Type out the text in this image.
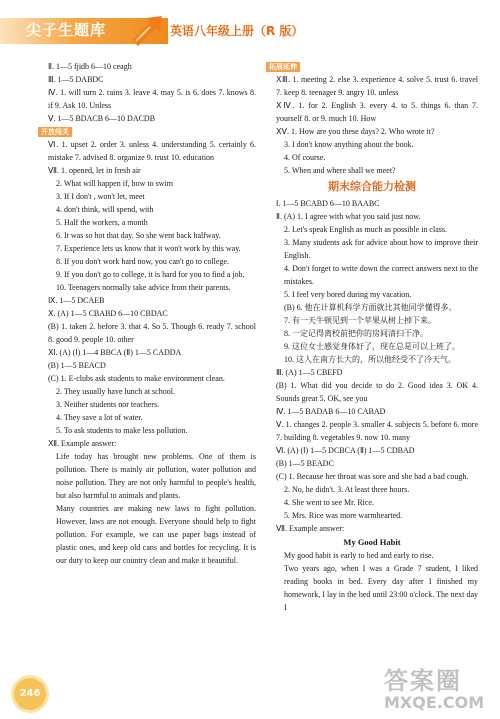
尖子生题库	英语八年级上册（R 版）
Ⅱ. 1—5 fjidb 6—10 ceagh
Ⅲ. 1—5 DABDC
Ⅳ. 1. will turn 2. rains 3. leave 4. may 5. is 6. does 7. knows 8. if 9. Ask 10. Unless
Ⅴ. 1—5 BDACB 6—10 DACDB
开放闯关
Ⅵ. 1. upset 2. order 3. unless 4. understanding 5. certainly 6. mistake 7. advised 8. organize 9. trust 10. education
Ⅶ. 1. opened, let in fresh air
2. What will happen if, how to swim
3. If I don't , won't let, meet
4. don't think, will spend, with
5. Half the workers, a month
6. It was so hot that day. So she went back halfway.
7. Experience lets us know that it won't work by this way.
8. If you don't work hard now, you can't go to college.
9. If you don't go to college, it is hard for you to find a job.
10. Teenagers normally take advice from their parents.
Ⅸ. 1—5 DCAEB
Ⅹ. (A) 1—5 CBABD 6—10 CBDAC
(B) 1. taken 2. before 3. that 4. So 5. Though 6. ready 7. school 8. good 9. people 10. other
Ⅺ. (A) (Ⅰ) 1—4 BBCA (Ⅱ) 1—5 CADDA
(B) 1—5 BEACD
(C) 1. E-clubs ask students to make environment clean.
2. They usually have lunch at school.
3. Neither students nor teachers.
4. They save a lot of water.
5. To ask students to make less pollution.
Ⅻ. Example answer:
Life today has brought new problems. One of them is pollution. There is mainly air pollution, water pollution and noise pollution. They are not only harmful to people's health, but also harmful to animals and plants.
Many countries are making new laws to fight pollution. However, laws are not enough. Everyone should help to fight pollution. For example, we can use paper bags instead of plastic ones, and keep old cans and bottles for recycling. It is our duty to keep our country clean and make it beautiful.
拓展延伸
ⅩⅢ. 1. meeting 2. else 3. experience 4. solve 5. trust 6. travel 7. keep 8. teenager 9. angry 10. unless
ⅩⅣ. 1. for 2. English 3. every 4. to 5. things 6. than 7. yourself 8. or 9. much 10. How
ⅩⅤ. 1. How are you these days? 2. Who wrote it?
3. I don't know anything about the book.
4. Of course.
5. When and where shall we meet?
期末综合能力检测
Ⅰ. 1—5 BCABD 6—10 BAABC
Ⅱ. (A) 1. I agree with what you said just now.
2. Let's speak English as much as possible in class.
3. Many students ask for advice about how to improve their English.
4. Don't forget to write down the correct answers next to the mistakes.
5. I feel very bored during my vacation.
(B) 6. 他在计算机科学方面就比其他同学懂得多。
7. 有一天牛顿见到一个苹果从树上掉下来。
8. 一定记得离校前把你的房间清扫干净。
9. 这位女士感觉身体好了，现在总是可以上班了。
10. 这人在南方长大的，所以他经受不了冷天气。
Ⅲ. (A) 1—5 CBEFD
(B) 1. What did you decide to do 2. Good idea 3. OK 4. Sounds great 5. OK, see you
Ⅳ. 1—5 BADAB 6—10 CABAD
Ⅴ. 1. changes 2. people 3. smaller 4. subjects 5. before 6. more 7. building 8. vegetables 9. now 10. many
Ⅵ. (A) (Ⅰ) 1—5 DCBCA (Ⅱ) 1—5 CDBAD
(B) 1—5 BEADC
(C) 1. Because her throat was sore and she had a bad cough.
2. No, he didn't. 3. At least three hours.
4. She went to see Mr. Rice.
5. Mrs. Rice was more warmhearted.
Ⅶ. Example answer:
My Good Habit
My good habit is early to bed and early to rise.
Two years ago, when I was a Grade 7 student, I liked reading books in bed. Every day after I finished my homework, I lay in the bed until 23:00 o'clock. The next day I
246	答案圈
MXQE.COM
